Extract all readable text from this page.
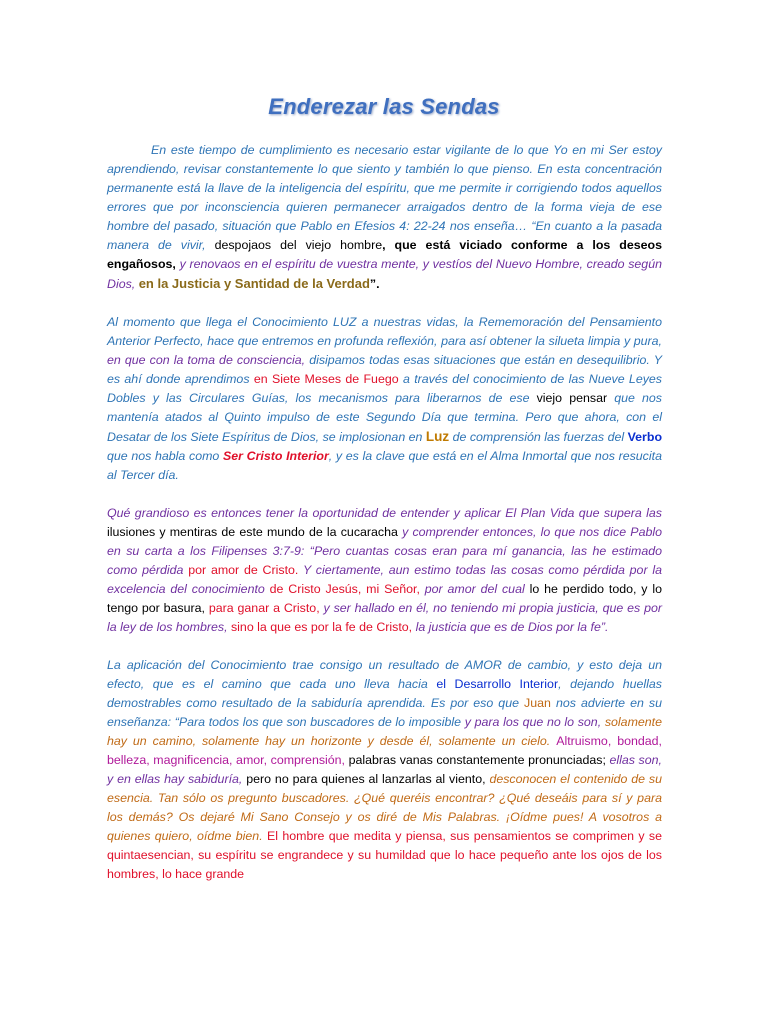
Enderezar las Sendas

En este tiempo de cumplimiento es necesario estar vigilante de lo que Yo en mi Ser estoy aprendiendo, revisar constantemente lo que siento y también lo que pienso. En esta concentración permanente está la llave de la inteligencia del espíritu, que me permite ir corrigiendo todos aquellos errores que por inconsciencia quieren permanecer arraigados dentro de la forma vieja de ese hombre del pasado, situación que Pablo en Efesios 4: 22-24 nos enseña… “En cuanto a la pasada manera de vivir, despojaos del viejo hombre, que está viciado conforme a los deseos engañosos, y renovaos en el espíritu de vuestra mente, y vestíos del Nuevo Hombre, creado según Dios, en la Justicia y Santidad de la Verdad”.

Al momento que llega el Conocimiento LUZ a nuestras vidas, la Rememoración del Pensamiento Anterior Perfecto, hace que entremos en profunda reflexión, para así obtener la silueta limpia y pura, en que con la toma de consciencia, disipamos todas esas situaciones que están en desequilibrio. Y es ahí donde aprendimos en Siete Meses de Fuego a través del conocimiento de las Nueve Leyes Dobles y las Circulares Guías, los mecanismos para liberarnos de ese viejo pensar que nos mantenía atados al Quinto impulso de este Segundo Día que termina. Pero que ahora, con el Desatar de los Siete Espíritus de Dios, se implosionan en Luz de comprensión las fuerzas del Verbo que nos habla como Ser Cristo Interior, y es la clave que está en el Alma Inmortal que nos resucita al Tercer día.

Qué grandioso es entonces tener la oportunidad de entender y aplicar El Plan Vida que supera las ilusiones y mentiras de este mundo de la cucaracha y comprender entonces, lo que nos dice Pablo en su carta a los Filipenses 3:7-9: “Pero cuantas cosas eran para mí ganancia, las he estimado como pérdida por amor de Cristo. Y ciertamente, aun estimo todas las cosas como pérdida por la excelencia del conocimiento de Cristo Jesús, mi Señor, por amor del cual lo he perdido todo, y lo tengo por basura, para ganar a Cristo, y ser hallado en él, no teniendo mi propia justicia, que es por la ley de los hombres, sino la que es por la fe de Cristo, la justicia que es de Dios por la fe”.

La aplicación del Conocimiento trae consigo un resultado de AMOR de cambio, y esto deja un efecto, que es el camino que cada uno lleva hacia el Desarrollo Interior, dejando huellas demostrables como resultado de la sabiduría aprendida. Es por eso que Juan nos advierte en su enseñanza: “Para todos los que son buscadores de lo imposible y para los que no lo son, solamente hay un camino, solamente hay un horizonte y desde él, solamente un cielo. Altruismo, bondad, belleza, magnificencia, amor, comprensión, palabras vanas constantemente pronunciadas; ellas son, y en ellas hay sabiduría, pero no para quienes al lanzarlas al viento, desconocen el contenido de su esencia. Tan sólo os pregunto buscadores. ¿Qué queréis encontrar? ¿Qué deseáis para sí y para los demás? Os dejaré Mi Sano Consejo y os diré de Mis Palabras. ¡Oídme pues! A vosotros a quienes quiero, oídme bien. El hombre que medita y piensa, sus pensamientos se comprimen y se quintaesencian, su espíritu se engrandece y su humildad que lo hace pequeño ante los ojos de los hombres, lo hace grande
